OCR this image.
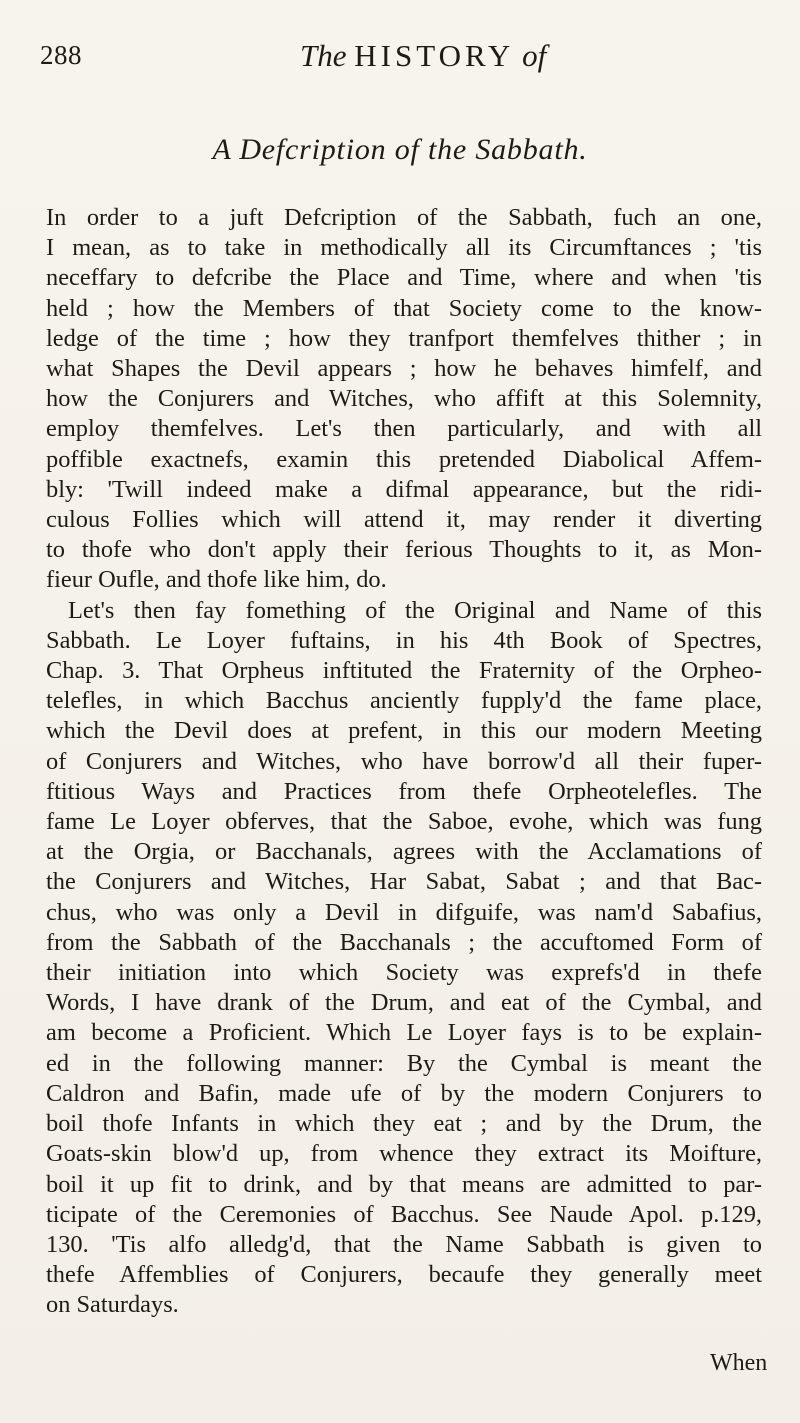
288	The HISTORY of
A Defcription of the Sabbath.
In order to a juft Defcription of the Sabbath, fuch an one,
I mean, as to take in methodically all its Circumftances ; 'tis
neceffary to defcribe the Place and Time, where and when 'tis
held ; how the Members of that Society come to the know-
ledge of the time ; how they tranfport themfelves thither ; in
what Shapes the Devil appears ; how he behaves himfelf, and
how the Conjurers and Witches, who affift at this Solemnity,
employ themfelves. Let's then particularly, and with all
poffible exactnefs, examin this pretended Diabolical Affem-
bly: 'Twill indeed make a difmal appearance, but the ridi-
culous Follies which will attend it, may render it diverting
to thofe who don't apply their ferious Thoughts to it, as Mon-
fieur Oufle, and thofe like him, do.
Let's then fay fomething of the Original and Name of this
Sabbath. Le Loyer fuftains, in his 4th Book of Spectres,
Chap. 3. That Orpheus inftituted the Fraternity of the Orpheo-
telefles, in which Bacchus anciently fupply'd the fame place,
which the Devil does at prefent, in this our modern Meeting
of Conjurers and Witches, who have borrow'd all their fuper-
ftitious Ways and Practices from thefe Orpheotelefles. The
fame Le Loyer obferves, that the Saboe, evohe, which was fung
at the Orgia, or Bacchanals, agrees with the Acclamations of
the Conjurers and Witches, Har Sabat, Sabat ; and that Bac-
chus, who was only a Devil in difguife, was nam'd Sabafius,
from the Sabbath of the Bacchanals ; the accuftomed Form of
their initiation into which Society was exprefs'd in thefe
Words, I have drank of the Drum, and eat of the Cymbal, and
am become a Proficient. Which Le Loyer fays is to be explain-
ed in the following manner: By the Cymbal is meant the
Caldron and Bafin, made ufe of by the modern Conjurers to
boil thofe Infants in which they eat ; and by the Drum, the
Goats-skin blow'd up, from whence they extract its Moifture,
boil it up fit to drink, and by that means are admitted to par-
ticipate of the Ceremonies of Bacchus. See Naude Apol. p.129,
130. 'Tis alfo alledg'd, that the Name Sabbath is given to
thefe Affemblies of Conjurers, becaufe they generally meet
on Saturdays.
When
